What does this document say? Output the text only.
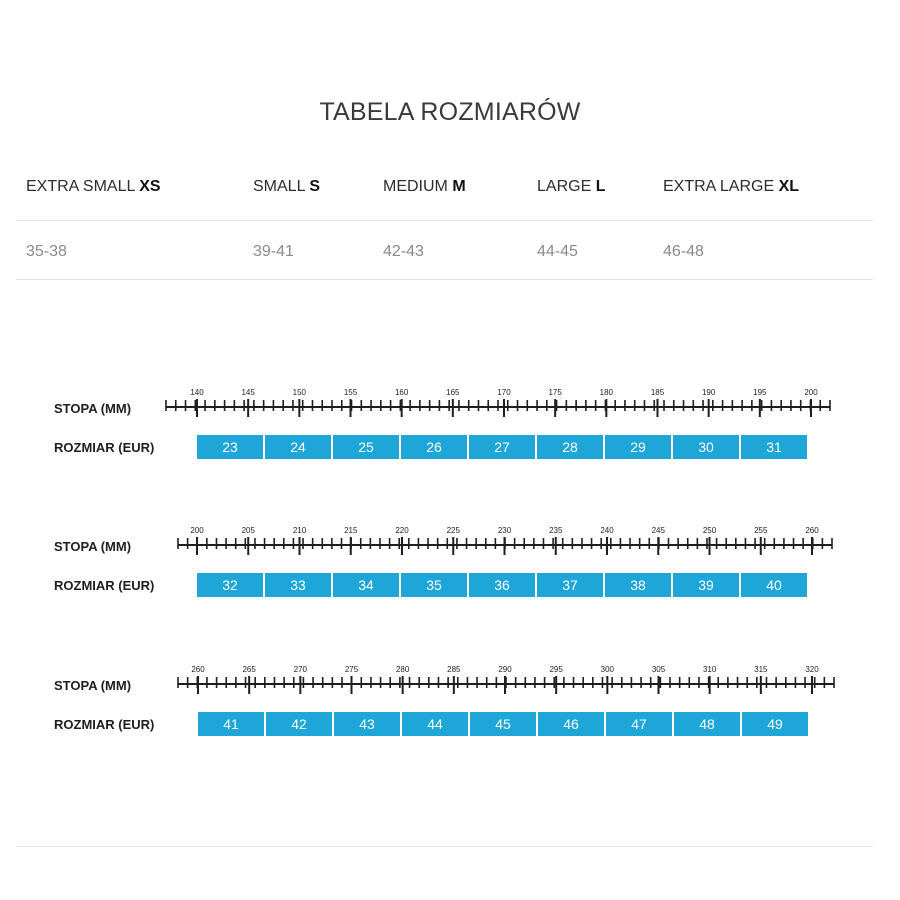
TABELA ROZMIARÓW
EXTRA SMALL XS	SMALL S	MEDIUM M	LARGE L	EXTRA LARGE XL
35-38	39-41	42-43	44-45	46-48
STOPA (MM)
140	145	150	155	160	165	170	175	180	185	190	195	200
ROZMIAR (EUR)	23	24	25	26	27	28	29	30	31
STOPA (MM)
200	205	210	215	220	225	230	235	240	245	250	255	260
ROZMIAR (EUR)	32	33	34	35	36	37	38	39	40
STOPA (MM)
260	265	270	275	280	285	290	295	300	305	310	315	320
ROZMIAR (EUR)	41	42	43	44	45	46	47	48	49
